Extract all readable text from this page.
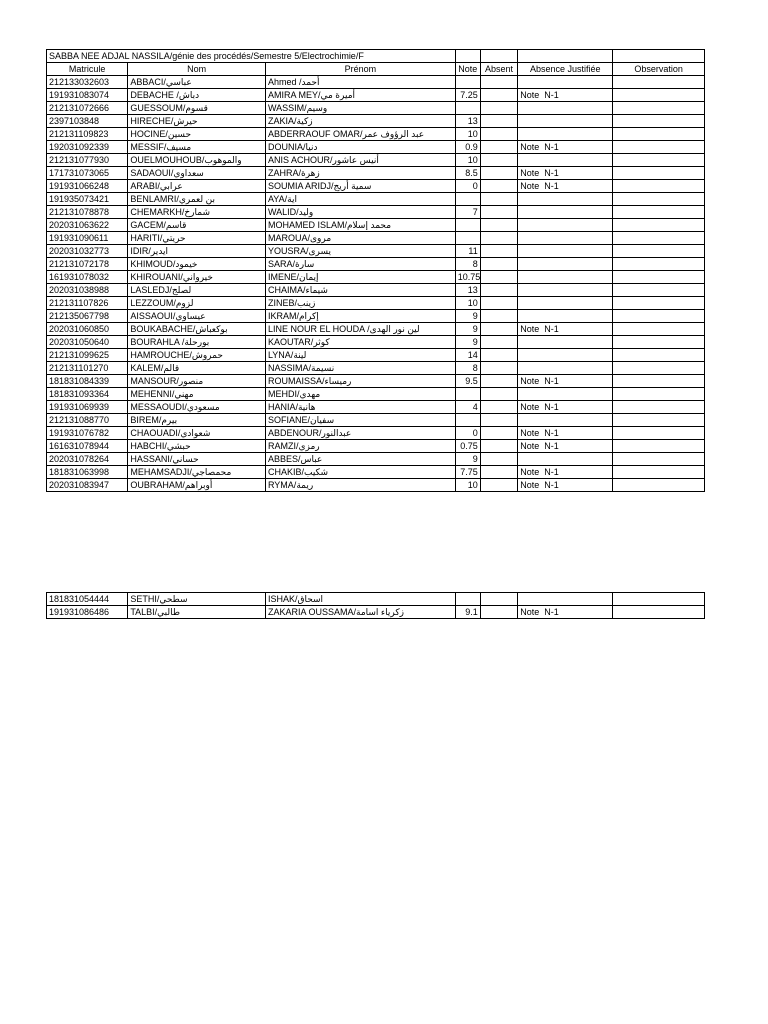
SABBA NEE ADJAL NASSILA/génie des procédés/Semestre 5/Electrochimie/F						
Matricule	Nom	Prénom	Note	Absent	Absence Justifiée	Observation
212133032603	ABBACI/عباسي	Ahmed /أحمد				
191931083074	DEBACHE /دباش	AMIRA MEY/أميرة مي	7.25		Note  N-1	
212131072666	GUESSOUM/قسوم	WASSIM/وسيم				
2397103848	HIRECHE/حيرش	ZAKIA/زكية	13			
212131109823	HOCINE/حسين	ABDERRAOUF OMAR/عبد الرؤوف عمر	10			
192031092339	MESSIF/مسيف	DOUNIA/دنيا	0.9		Note  N-1	
212131077930	OUELMOUHOUB/والموهوب	ANIS ACHOUR/أنيس عاشور	10			
171731073065	SADAOUI/سعداوي	ZAHRA/زهرة	8.5		Note  N-1	
191931066248	ARABI/عرابي	SOUMIA ARIDJ/سمية أريج	0		Note  N-1	
191935073421	BENLAMRI/بن لعمري	AYA/اية				
212131078878	CHEMARKH/شمارخ	WALID/وليد	7			
202031063622	GACEM/قاسم	MOHAMED ISLAM/محمد إسلام				
191931090611	HARITI/حريتي	MAROUA/مروى				
202031032773	IDIR/ايدير	YOUSRA/يسرى	11			
212131072178	KHIMOUD/خيمود	SARA/سارة	8			
161931078032	KHIROUANI/خيرواني	IMENE/إيمان	10.75			
202031038988	LASLEDJ/لصلج	CHAIMA/شيماء	13			
212131107826	LEZZOUM/لزوم	ZINEB/زينب	10			
212135067798	AISSAOUI/عيساوي	IKRAM/إكرام	9			
202031060850	BOUKABACHE/بوكعباش	LINE NOUR EL HOUDA /لين نور الهدى	9		Note  N-1	
202031050640	BOURAHLA /بورحلة	KAOUTAR/كوثر	9			
212131099625	HAMROUCHE/حمروش	LYNA/لينة	14			
212131101270	KALEM/قالم	NASSIMA/نسيمة	8			
181831084339	MANSOUR/منصور	ROUMAISSA/رميساء	9.5		Note  N-1	
181831093364	MEHENNI/مهني	MEHDI/مهدي				
191931069939	MESSAOUDI/مسعودي	HANIA/هانية	4		Note  N-1	
212131088770	BIREM/بيرم	SOFIANE/سفيان				
191931076782	CHAOUADI/شعوادي	ABDENOUR/عبدالنور	0		Note  N-1	
161631078944	HABCHI/حبشي	RAMZI/رمزي	0.75		Note  N-1	
202031078264	HASSANI/حساني	ABBES/عباس	9			
181831063998	MEHAMSADJI/محمصاجي	CHAKIB/شكيب	7.75		Note  N-1	
202031083947	OUBRAHAM/أوبراهم	RYMA/ريمة	10		Note  N-1	
181831054444	SETHI/سطحي	ISHAK/اسحاق				
191931086486	TALBI/طالبي	ZAKARIA OUSSAMA/زكرياء اسامة	9.1		Note  N-1	
